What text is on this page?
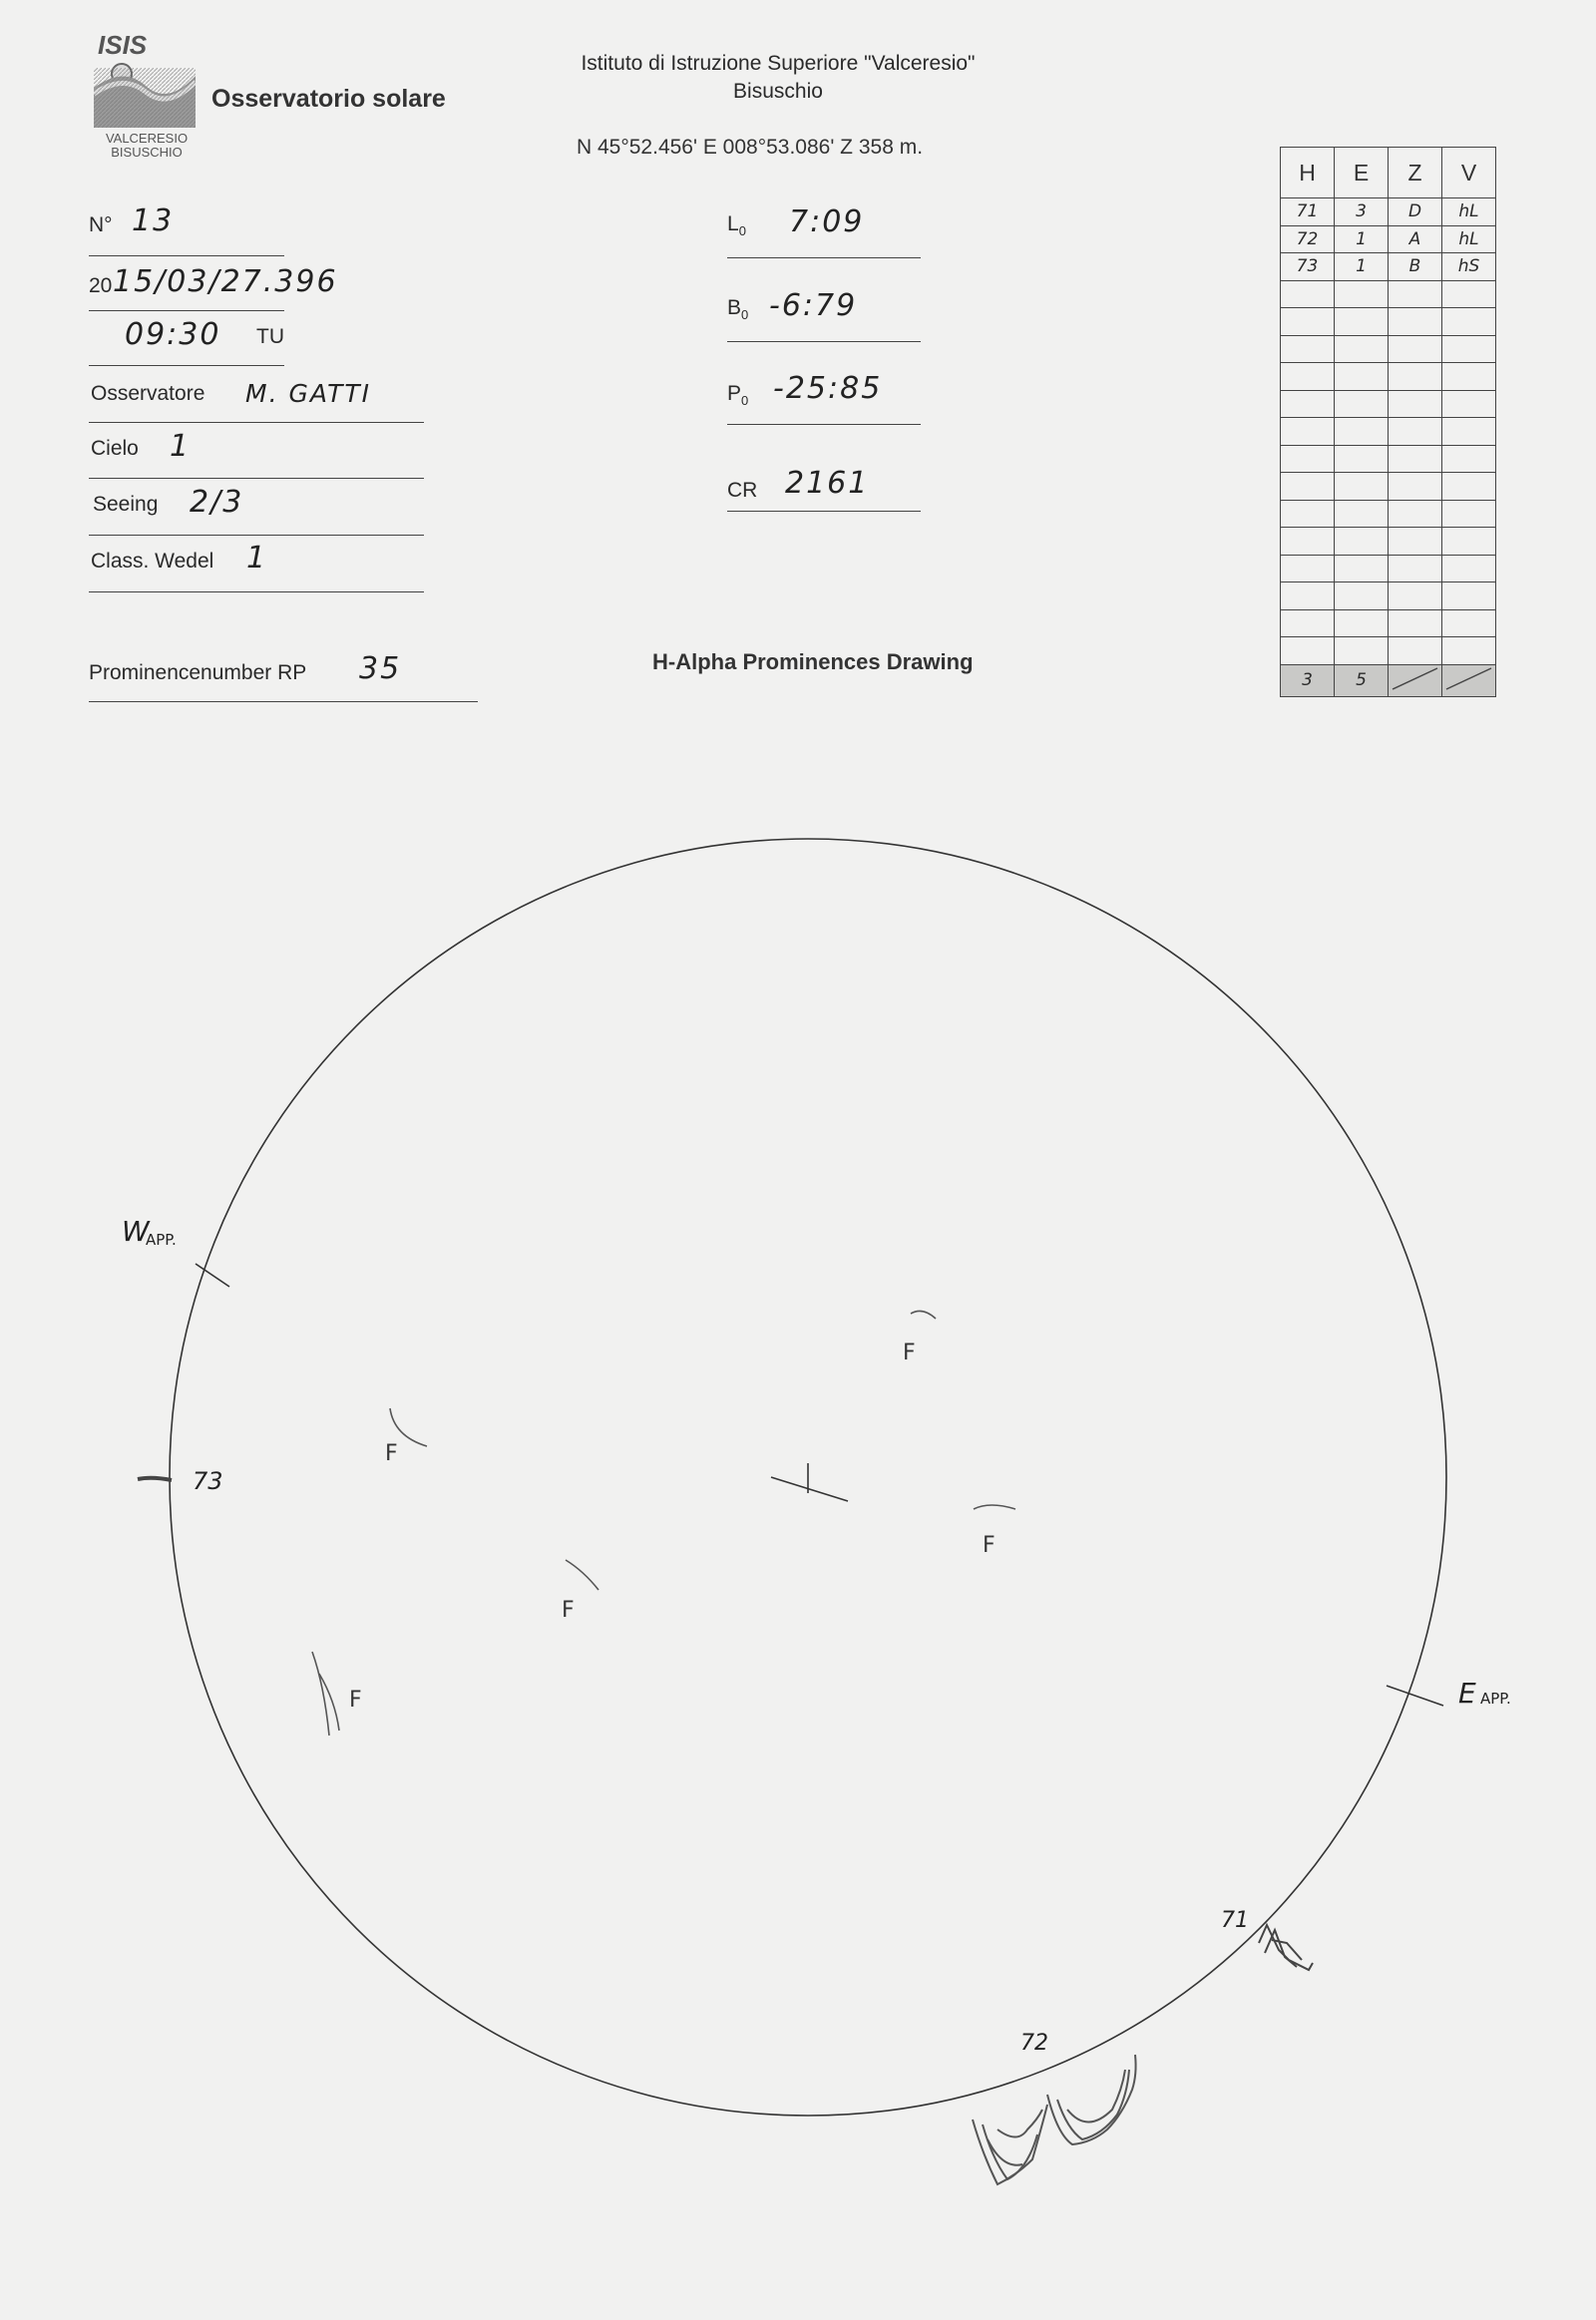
ISIS
Osservatorio solare
VALCERESIO
BISUSCHIO
Istituto di Istruzione Superiore "Valceresio"
Bisuschio
N 45°52.456' E 008°53.086' Z 358 m.
N° 13
20 15/03/27.396
09:30 TU
Osservatore M. GATTI
Cielo 1
Seeing 2/3
Class. Wedel 1
Prominencenumber RP 35
$L_0$ 7:09
$B_0$ -6:79
$P_0$ -25:85
CR 2161
H	E	Z	V
71	3	D	hL
72	1	A	hL
73	1	B	hS

3	5		
H-Alpha Prominences Drawing
W
APP.
E APP.
73
71
72
F
F
F
F
F
